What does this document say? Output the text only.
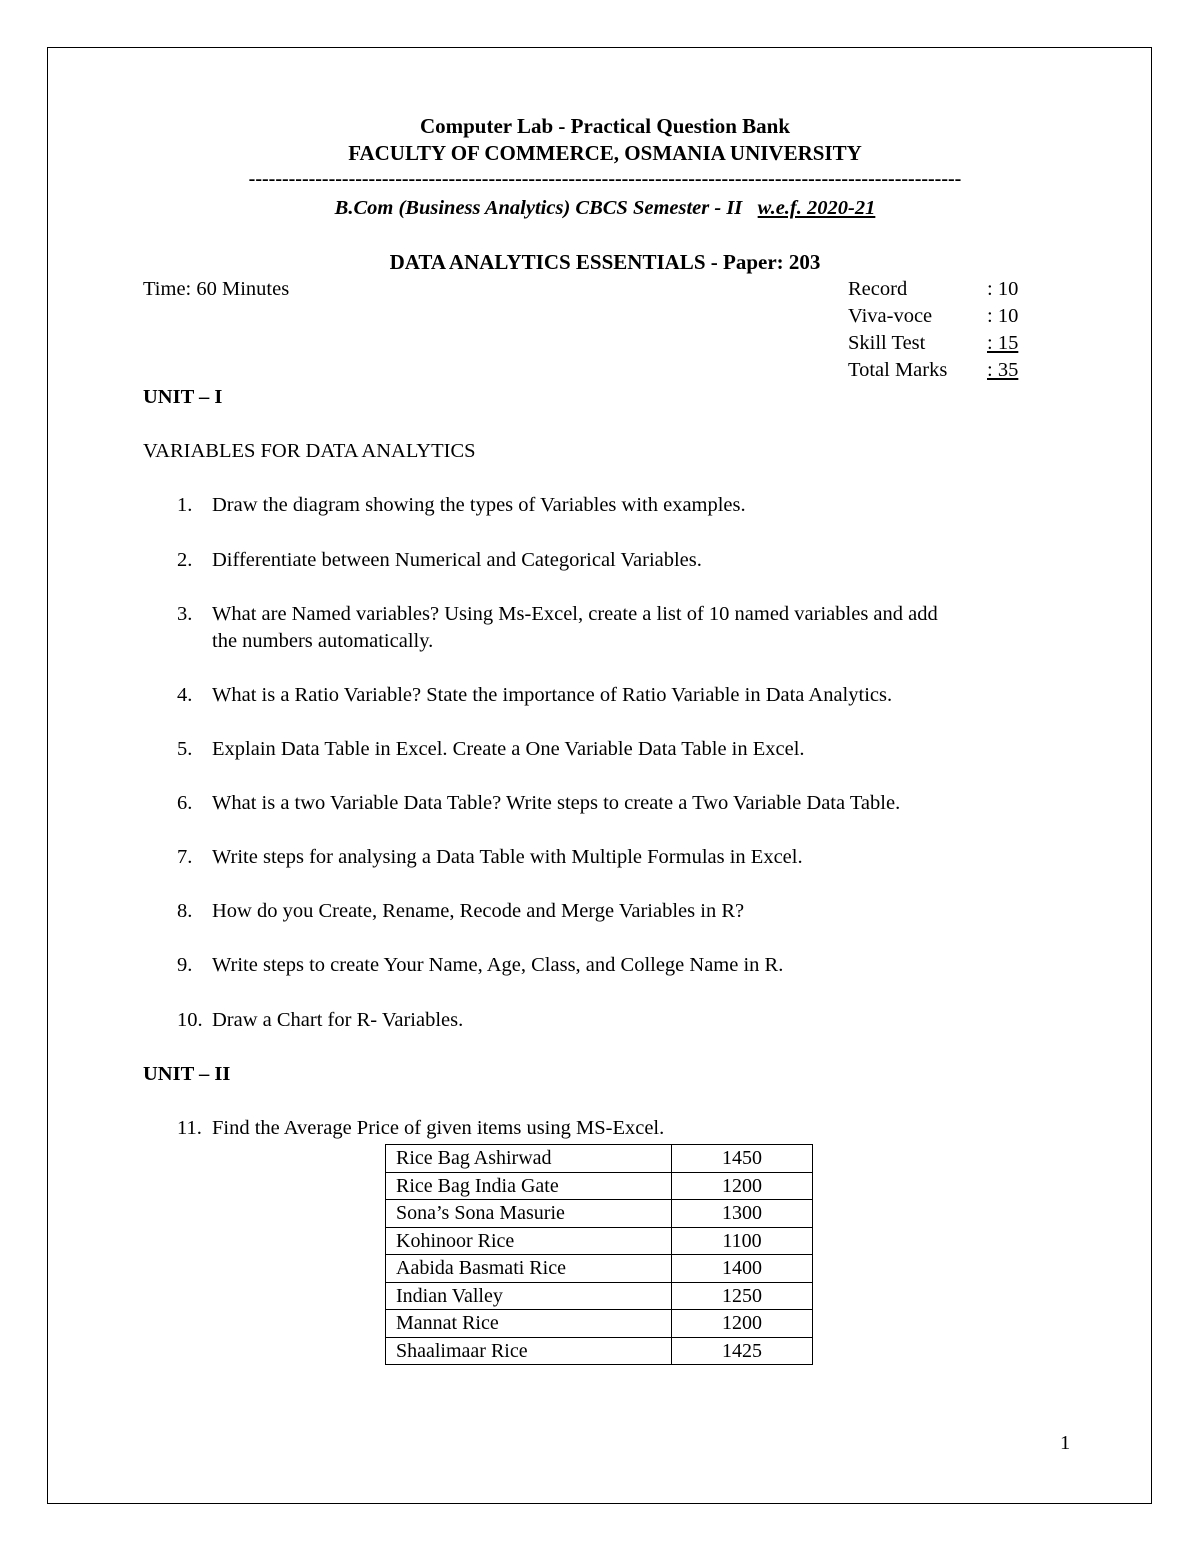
Computer Lab - Practical Question Bank
FACULTY OF COMMERCE, OSMANIA UNIVERSITY
-----------------------------------------------------------------------------------------------------------
B.Com (Business Analytics) CBCS Semester - II w.e.f. 2020-21
DATA ANALYTICS ESSENTIALS - Paper: 203
Time: 60 Minutes	Record	: 10
Viva-voce	: 10
Skill Test	: 15
Total Marks : 35
UNIT – I
VARIABLES FOR DATA ANALYTICS
1. Draw the diagram showing the types of Variables with examples.
2. Differentiate between Numerical and Categorical Variables.
3. What are Named variables? Using Ms-Excel, create a list of 10 named variables and add
the numbers automatically.
4. What is a Ratio Variable? State the importance of Ratio Variable in Data Analytics.
5. Explain Data Table in Excel. Create a One Variable Data Table in Excel.
6. What is a two Variable Data Table? Write steps to create a Two Variable Data Table.
7. Write steps for analysing a Data Table with Multiple Formulas in Excel.
8. How do you Create, Rename, Recode and Merge Variables in R?
9. Write steps to create Your Name, Age, Class, and College Name in R.
10. Draw a Chart for R- Variables.
UNIT – II
11. Find the Average Price of given items using MS-Excel.
Rice Bag Ashirwad	1450
Rice Bag India Gate	1200
Sona’s Sona Masurie	1300
Kohinoor Rice	1100
Aabida Basmati Rice	1400
Indian Valley	1250
Mannat Rice	1200
Shaalimaar Rice	1425
1
